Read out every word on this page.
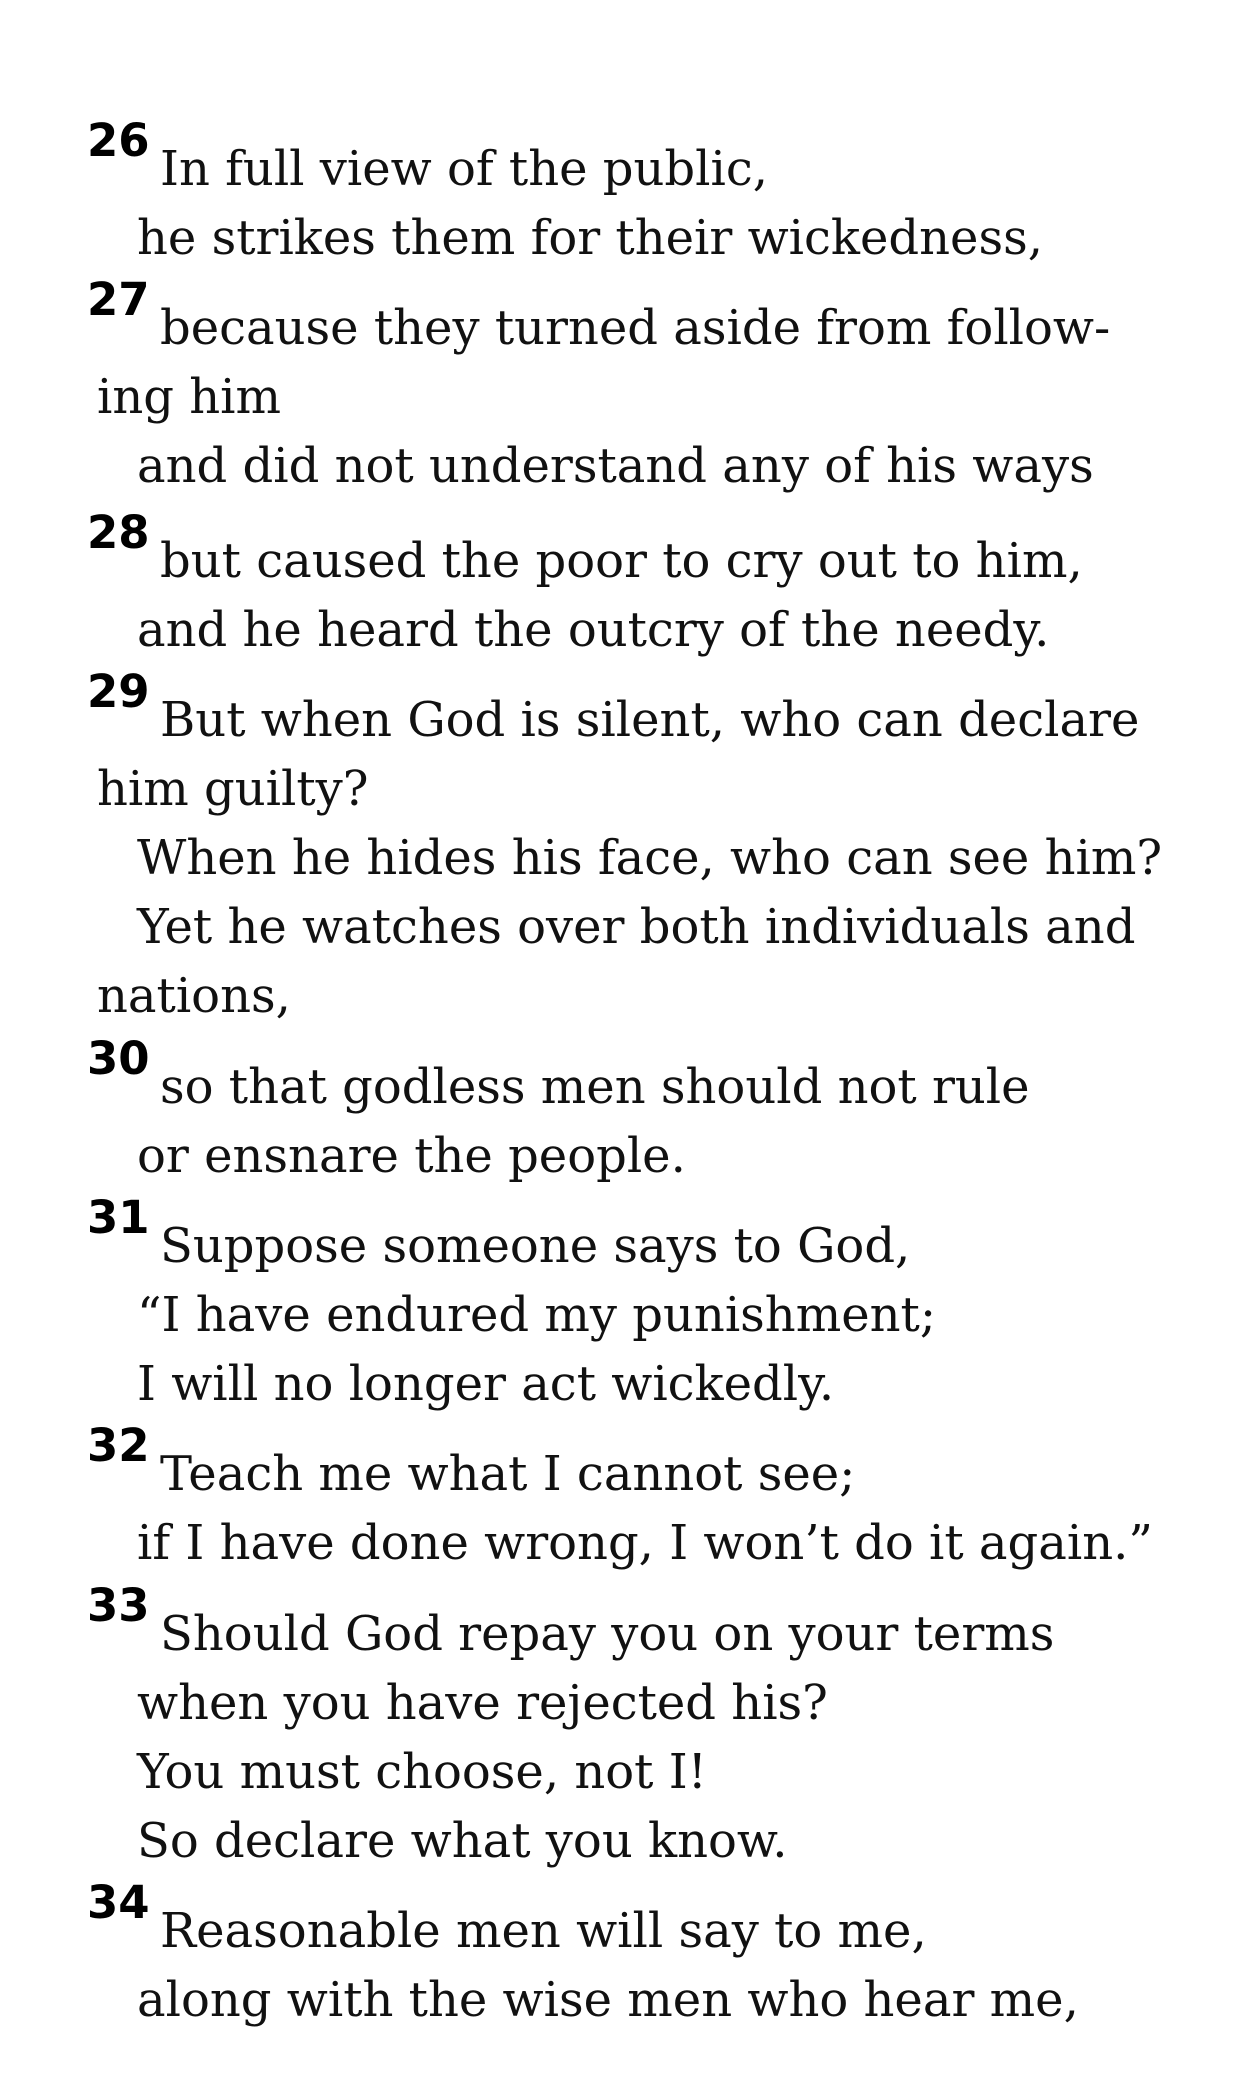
26
In full view of the public,
he strikes them for their wickedness,
27
because they turned aside from follow-
ing him
and did not understand any of his ways
28
but caused the poor to cry out to him,
and he heard the outcry of the needy.
29
But when God is silent, who can declare
him guilty?
When he hides his face, who can see him?
Yet he watches over both individuals and
nations,
30
so that godless men should not rule
or ensnare the people.
31
Suppose someone says to God,
“I have endured my punishment;
I will no longer act wickedly.
32
Teach me what I cannot see;
if I have done wrong, I won’t do it again.”
33
Should God repay you on your terms
when you have rejected his?
You must choose, not I!
So declare what you know.
34
Reasonable men will say to me,
along with the wise men who hear me,
